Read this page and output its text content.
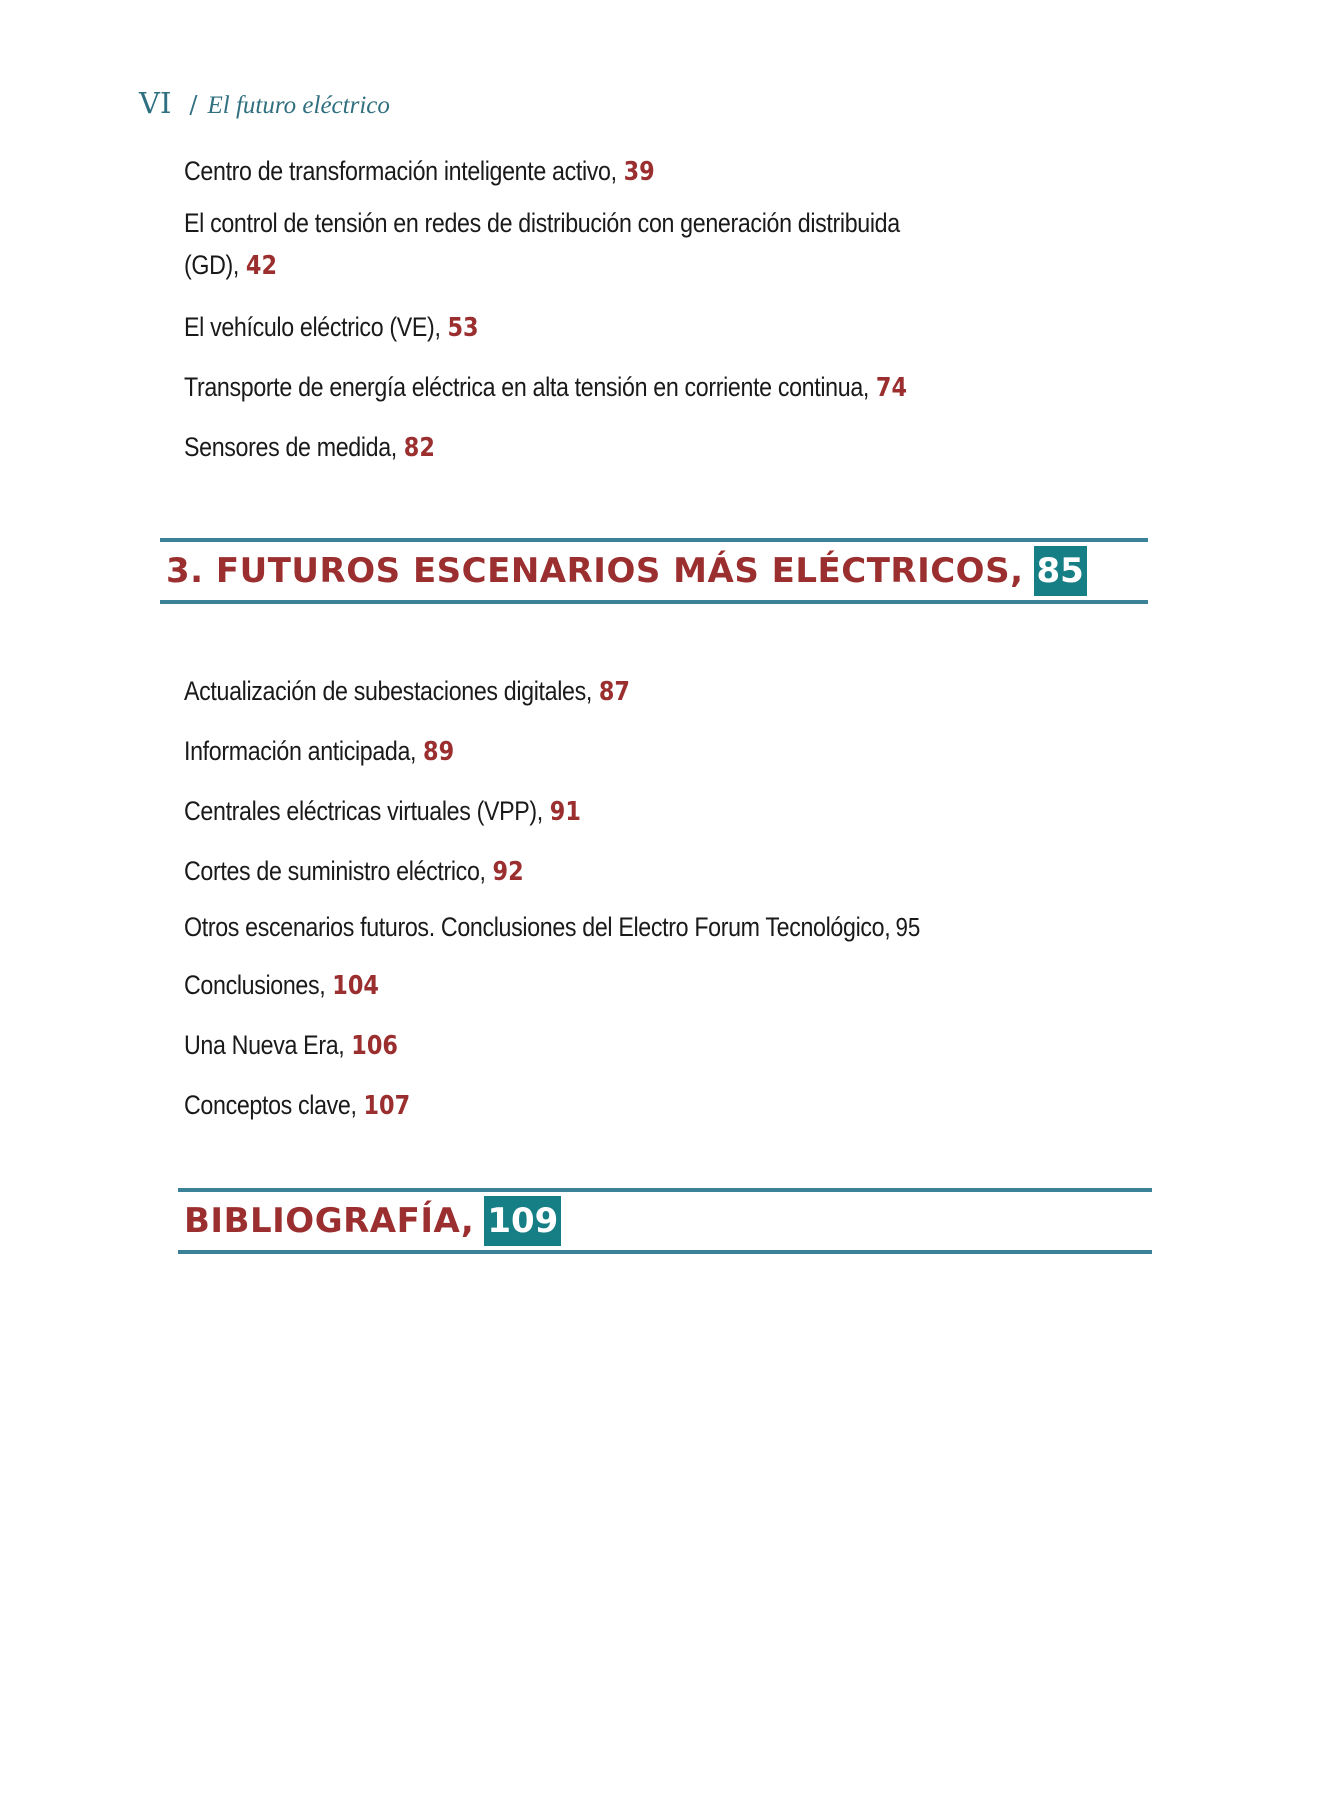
VI / El futuro eléctrico
Centro de transformación inteligente activo, 39
El control de tensión en redes de distribución con generación distribuida
(GD), 42
El vehículo eléctrico (VE), 53
Transporte de energía eléctrica en alta tensión en corriente continua, 74
Sensores de medida, 82
3. FUTUROS ESCENARIOS MÁS ELÉCTRICOS, 85
Actualización de subestaciones digitales, 87
Información anticipada, 89
Centrales eléctricas virtuales (VPP), 91
Cortes de suministro eléctrico, 92
Otros escenarios futuros. Conclusiones del Electro Forum Tecnológico, 95
Conclusiones, 104
Una Nueva Era, 106
Conceptos clave, 107
BIBLIOGRAFÍA, 109
